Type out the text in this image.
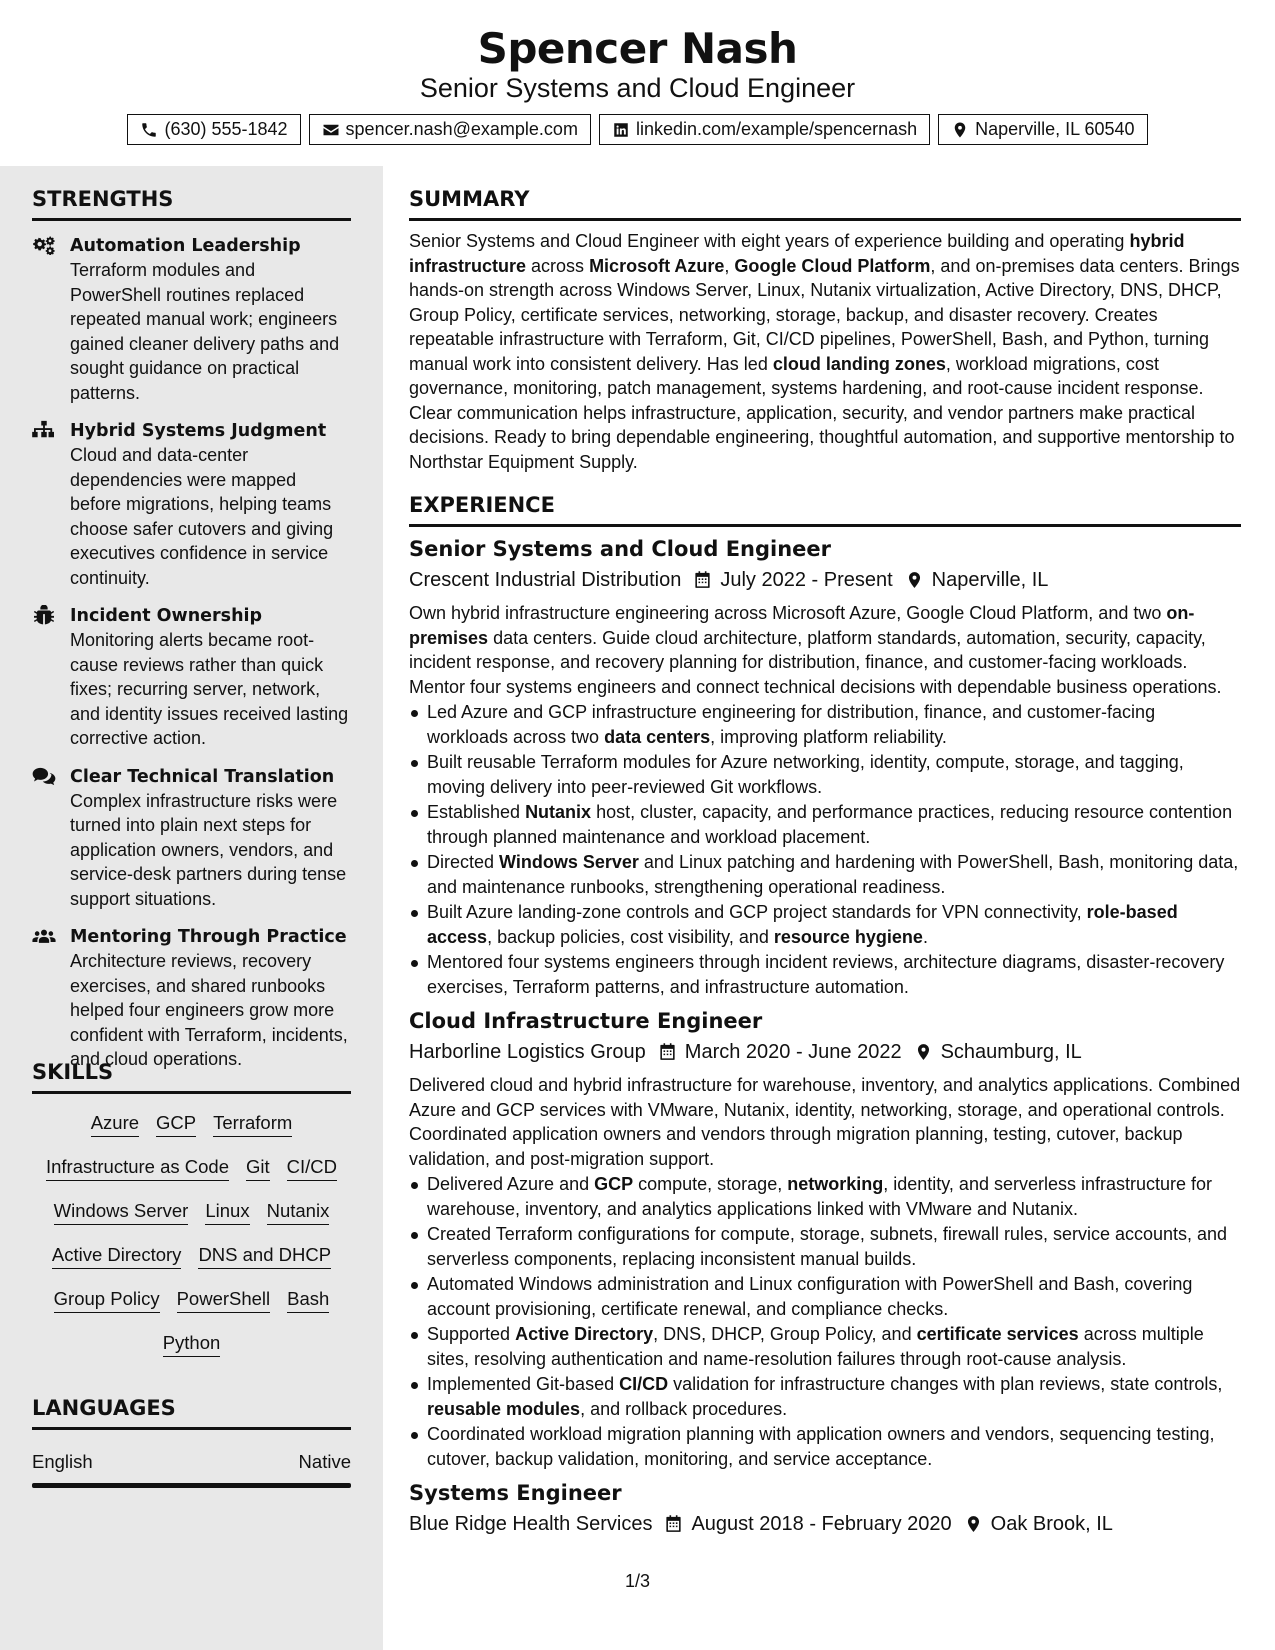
Spencer Nash
Senior Systems and Cloud Engineer
(630) 555-1842	spencer.nash@example.com	linkedin.com/example/spencernash	Naperville, IL 60540
STRENGTHS
Automation Leadership
Terraform modules and PowerShell routines replaced repeated manual work; engineers gained cleaner delivery paths and sought guidance on practical patterns.
Hybrid Systems Judgment
Cloud and data-center dependencies were mapped before migrations, helping teams choose safer cutovers and giving executives confidence in service continuity.
Incident Ownership
Monitoring alerts became root-cause reviews rather than quick fixes; recurring server, network, and identity issues received lasting corrective action.
Clear Technical Translation
Complex infrastructure risks were turned into plain next steps for application owners, vendors, and service-desk partners during tense support situations.
Mentoring Through Practice
Architecture reviews, recovery exercises, and shared runbooks helped four engineers grow more confident with Terraform, incidents, and cloud operations.
SKILLS
Azure GCP Terraform
Infrastructure as Code Git CI/CD
Windows Server Linux Nutanix
Active Directory DNS and DHCP
Group Policy PowerShell Bash
Python
LANGUAGES
English	Native
SUMMARY
Senior Systems and Cloud Engineer with eight years of experience building and operating hybrid infrastructure across Microsoft Azure, Google Cloud Platform, and on-premises data centers. Brings hands-on strength across Windows Server, Linux, Nutanix virtualization, Active Directory, DNS, DHCP, Group Policy, certificate services, networking, storage, backup, and disaster recovery. Creates repeatable infrastructure with Terraform, Git, CI/CD pipelines, PowerShell, Bash, and Python, turning manual work into consistent delivery. Has led cloud landing zones, workload migrations, cost governance, monitoring, patch management, systems hardening, and root-cause incident response. Clear communication helps infrastructure, application, security, and vendor partners make practical decisions. Ready to bring dependable engineering, thoughtful automation, and supportive mentorship to Northstar Equipment Supply.
EXPERIENCE
Senior Systems and Cloud Engineer
Crescent Industrial Distribution July 2022 - Present Naperville, IL
Own hybrid infrastructure engineering across Microsoft Azure, Google Cloud Platform, and two on-premises data centers. Guide cloud architecture, platform standards, automation, security, capacity, incident response, and recovery planning for distribution, finance, and customer-facing workloads. Mentor four systems engineers and connect technical decisions with dependable business operations.
Led Azure and GCP infrastructure engineering for distribution, finance, and customer-facing workloads across two data centers, improving platform reliability.
Built reusable Terraform modules for Azure networking, identity, compute, storage, and tagging, moving delivery into peer-reviewed Git workflows.
Established Nutanix host, cluster, capacity, and performance practices, reducing resource contention through planned maintenance and workload placement.
Directed Windows Server and Linux patching and hardening with PowerShell, Bash, monitoring data, and maintenance runbooks, strengthening operational readiness.
Built Azure landing-zone controls and GCP project standards for VPN connectivity, role-based access, backup policies, cost visibility, and resource hygiene.
Mentored four systems engineers through incident reviews, architecture diagrams, disaster-recovery exercises, Terraform patterns, and infrastructure automation.
Cloud Infrastructure Engineer
Harborline Logistics Group March 2020 - June 2022 Schaumburg, IL
Delivered cloud and hybrid infrastructure for warehouse, inventory, and analytics applications. Combined Azure and GCP services with VMware, Nutanix, identity, networking, storage, and operational controls. Coordinated application owners and vendors through migration planning, testing, cutover, backup validation, and post-migration support.
Delivered Azure and GCP compute, storage, networking, identity, and serverless infrastructure for warehouse, inventory, and analytics applications linked with VMware and Nutanix.
Created Terraform configurations for compute, storage, subnets, firewall rules, service accounts, and serverless components, replacing inconsistent manual builds.
Automated Windows administration and Linux configuration with PowerShell and Bash, covering account provisioning, certificate renewal, and compliance checks.
Supported Active Directory, DNS, DHCP, Group Policy, and certificate services across multiple sites, resolving authentication and name-resolution failures through root-cause analysis.
Implemented Git-based CI/CD validation for infrastructure changes with plan reviews, state controls, reusable modules, and rollback procedures.
Coordinated workload migration planning with application owners and vendors, sequencing testing, cutover, backup validation, monitoring, and service acceptance.
Systems Engineer
Blue Ridge Health Services August 2018 - February 2020 Oak Brook, IL
1/3
